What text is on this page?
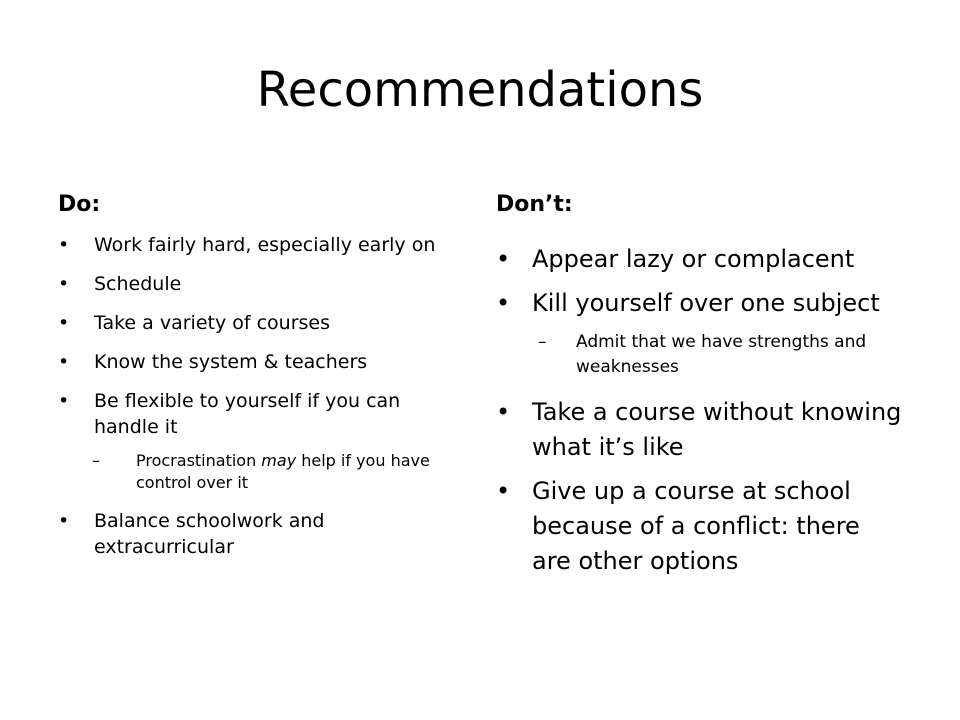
Recommendations
Do:
• Work fairly hard, especially early on
• Schedule
• Take a variety of courses
• Know the system & teachers
• Be flexible to yourself if you can handle it
– Procrastination may help if you have control over it
• Balance schoolwork and extracurricular
Don’t:
• Appear lazy or complacent
• Kill yourself over one subject
– Admit that we have strengths and weaknesses
• Take a course without knowing what it’s like
• Give up a course at school because of a conflict: there are other options
